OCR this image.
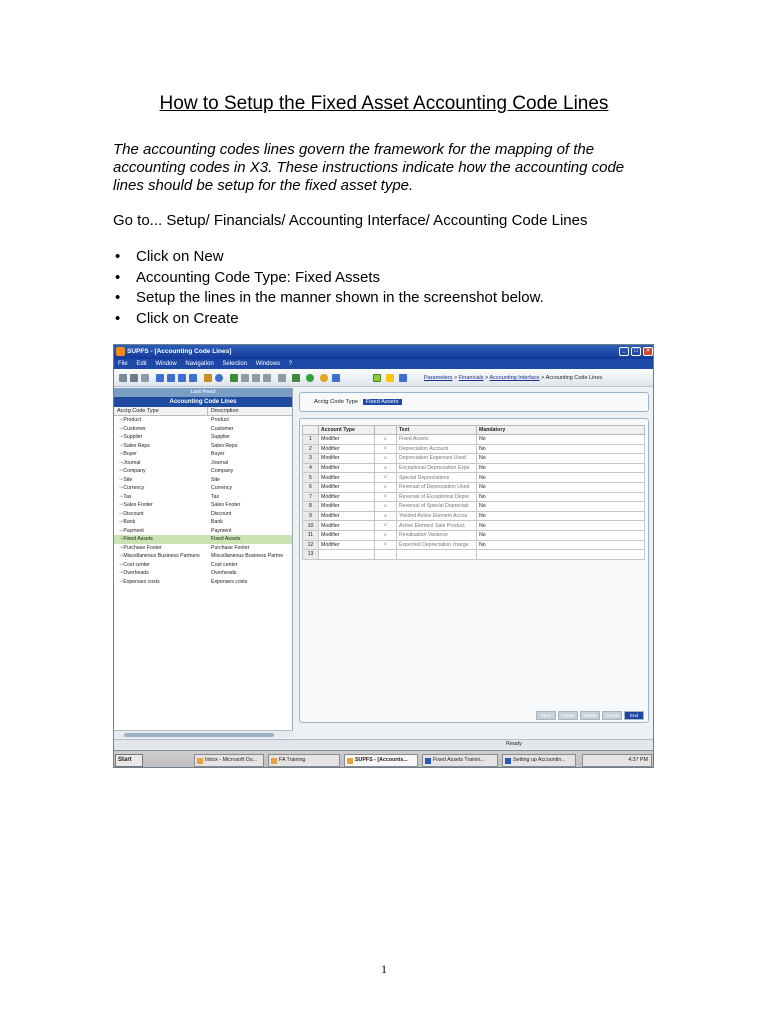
How to Setup the Fixed Asset Accounting Code Lines
The accounting codes lines govern the framework for the mapping of the accounting codes in X3. These instructions indicate how the accounting code lines should be setup for the fixed asset type.
Go to... Setup/ Financials/ Accounting Interface/ Accounting Code Lines
• Click on New
• Accounting Code Type: Fixed Assets
• Setup the lines in the manner shown in the screenshot below.
• Click on Create
SUPFS - [Accounting Code Lines]	_	□	×
File Edit Window Navigation Selection Windows ?
Parameters > Financials > Accounting Interface > Accounting Code Lines
Last Read
Accounting Code Lines
Acctg Code Type	Description
⇒ Product	Product
⇒ Customer	Customer
⇒ Supplier	Supplier
⇒ Sales Reps	Sales Reps
⇒ Buyer	Buyer
⇒ Journal	Journal
⇒ Company	Company
⇒ Site	Site
⇒ Currency	Currency
⇒ Tax	Tax
⇒ Sales Footer	Sales Footer
⇒ Discount	Discount
⇒ Bank	Bank
⇒ Payment	Payment
⇒ Fixed Assets	Fixed Assets
⇒ Purchase Footer	Purchase Footer
⇒ Miscellaneous Business Partners	Miscellaneous Business Partne
⇒ Cost center	Cost center
⇒ Overheads	Overheads
⇒ Expenses costs	Expenses costs
Acctg Code Type Fixed Assets
	Account Type		Text	Mandatory
1	Modifier	⌕	Fixed Assets	No
2	Modifier	⌕	Depreciation Account	No
3	Modifier	⌕	Depreciation Expenses Used	No
4	Modifier	⌕	Exceptional Depreciation Expe	No
5	Modifier	⌕	Special Depreciations	No
6	Modifier	⌕	Reversal of Depreciation Used	No
7	Modifier	⌕	Reversal of Exceptional Depre	No
8	Modifier	⌕	Reversal of Special Depreciati	No
9	Modifier	⌕	Yielded Active Element Accou	No
10	Modifier	⌕	Active Element Sale Product	No
11	Modifier	⌕	Revaluation Variance	No
12	Modifier	⌕	Expected Depreciation charge	No
13				
Save	Create	Delete	Cancel	End
Ready
Start	Inbox - Microsoft Ou...	FA Training	SUPFS - [Accounts...	Fixed Assets Trainin...	Setting up Accountin...	4:37 PM
1
